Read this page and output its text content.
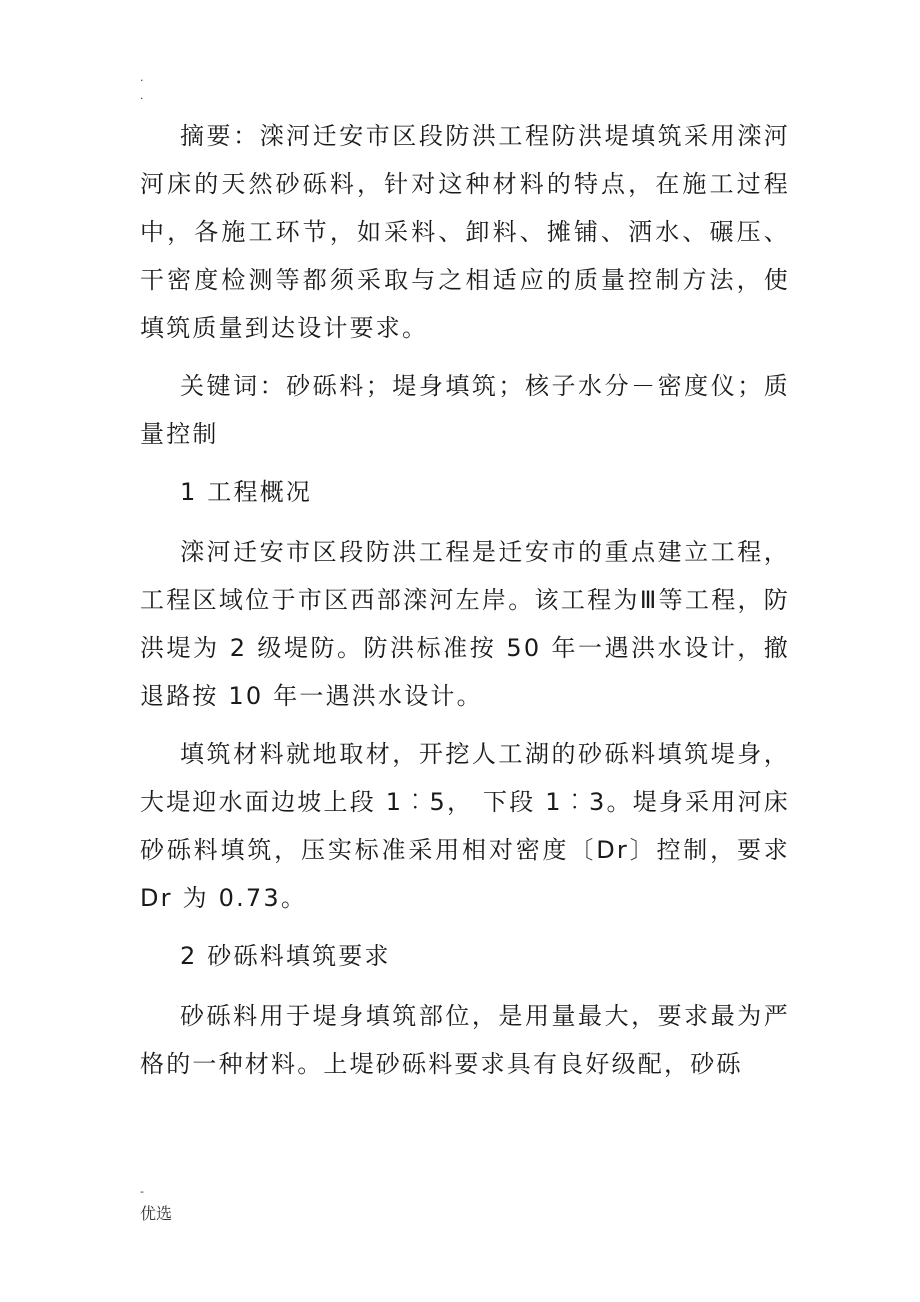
.
.

摘要：滦河迁安市区段防洪工程防洪堤填筑采用滦河河床的天然砂砾料，针对这种材料的特点，在施工过程中，各施工环节，如采料、卸料、摊铺、洒水、碾压、干密度检测等都须采取与之相适应的质量控制方法，使填筑质量到达设计要求。

关键词：砂砾料；堤身填筑；核子水分－密度仪；质量控制

1 工程概况

滦河迁安市区段防洪工程是迁安市的重点建立工程，工程区域位于市区西部滦河左岸。该工程为Ⅲ等工程，防洪堤为 2 级堤防。防洪标准按 50 年一遇洪水设计，撤退路按 10 年一遇洪水设计。

填筑材料就地取材，开挖人工湖的砂砾料填筑堤身，大堤迎水面边坡上段 1︰5， 下段 1︰3。堤身采用河床砂砾料填筑，压实标准采用相对密度〔Dr〕控制，要求Dr 为 0.73。

2 砂砾料填筑要求

砂砾料用于堤身填筑部位，是用量最大，要求最为严格的一种材料。上堤砂砾料要求具有良好级配，砂砾

-
优选
